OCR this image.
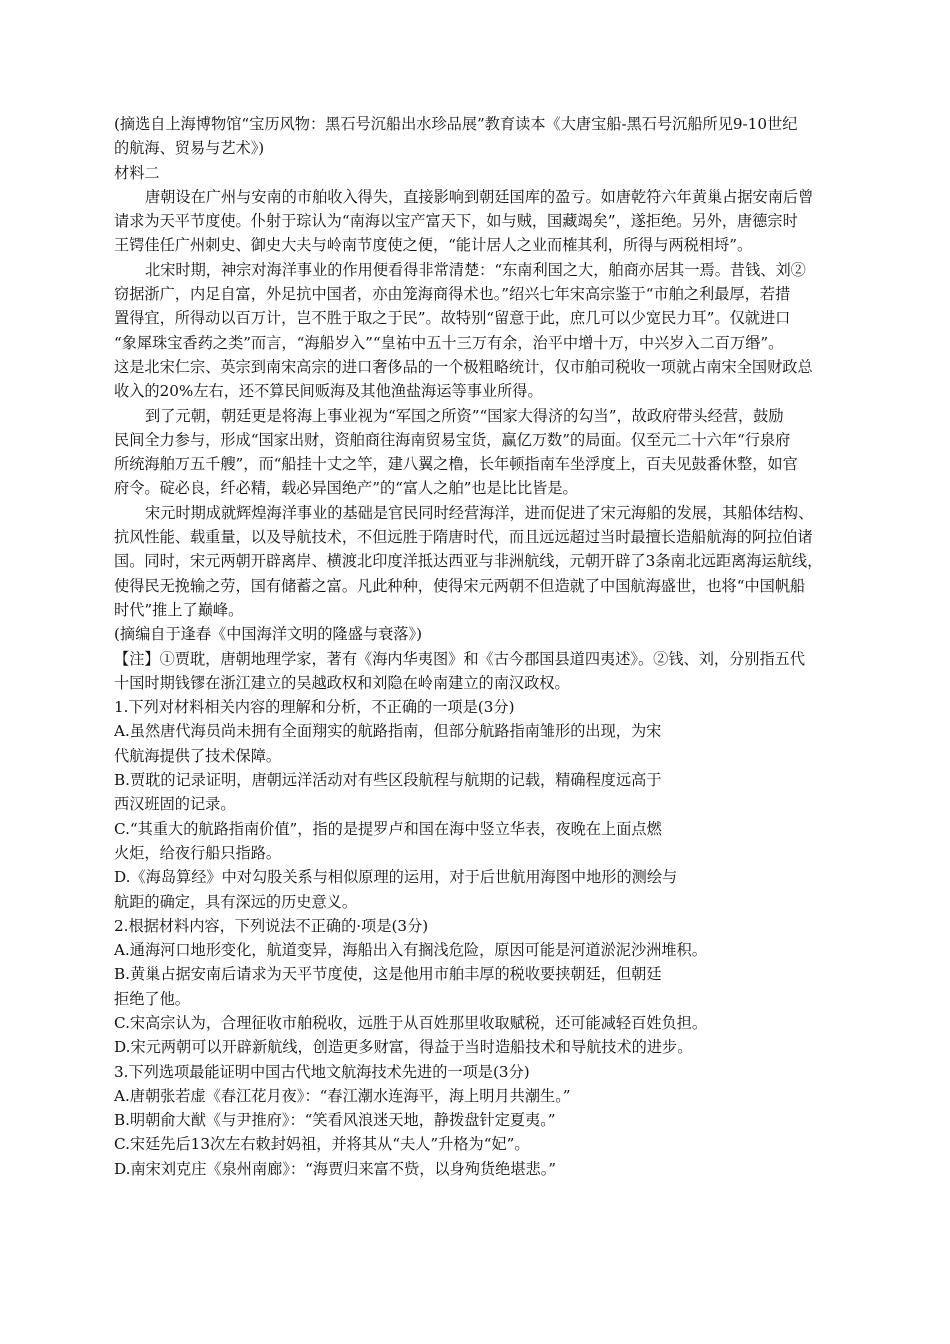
(摘选自上海博物馆“宝历风物：黑石号沉船出水珍品展”教育读本《大唐宝船-黑石号沉船所见9-10世纪
的航海、贸易与艺术》)
材料二
唐朝设在广州与安南的市舶收入得失，直接影响到朝廷国库的盈亏。如唐乾符六年黄巢占据安南后曾
请求为天平节度使。仆射于琮认为“南海以宝产富天下，如与贼，国藏竭矣”，遂拒绝。另外，唐德宗时
王锷佳任广州刺史、御史大夫与岭南节度使之便，“能计居人之业而榷其利，所得与两税相埒”。
北宋时期，神宗对海洋事业的作用便看得非常清楚：“东南利国之大，舶商亦居其一焉。昔钱、刘②
窃据浙广，内足自富，外足抗中国者，亦由笼海商得术也。”绍兴七年宋高宗鉴于“市舶之利最厚，若措
置得宜，所得动以百万计，岂不胜于取之于民”。故特别“留意于此，庶几可以少宽民力耳”。仅就进口
“象犀珠宝香药之类”而言，“海船岁入”“皇祐中五十三万有余，治平中增十万，中兴岁入二百万缗”。
这是北宋仁宗、英宗到南宋高宗的进口奢侈品的一个极粗略统计，仅市舶司税收一项就占南宋全国财政总
收入的20%左右，还不算民间贩海及其他渔盐海运等事业所得。
到了元朝，朝廷更是将海上事业视为“军国之所资”“国家大得济的勾当”，故政府带头经营，鼓励
民间全力参与，形成“国家出财，资舶商往海南贸易宝货，赢亿万数”的局面。仅至元二十六年“行泉府
所统海舶万五千艘”，而“船挂十丈之竿，建八翼之橹，长年顿指南车坐浮度上，百夫见鼓番休整，如官
府令。碇必良，纤必精，载必异国绝产”的“富人之舶”也是比比皆是。
宋元时期成就辉煌海洋事业的基础是官民同时经营海洋，进而促进了宋元海船的发展，其船体结构、
抗风性能、载重量，以及导航技术，不但远胜于隋唐时代，而且远远超过当时最擅长造船航海的阿拉伯诸
国。同时，宋元两朝开辟离岸、横渡北印度洋抵达西亚与非洲航线，元朝开辟了3条南北远距离海运航线，
使得民无挽输之劳，国有储蓄之富。凡此种种，使得宋元两朝不但造就了中国航海盛世，也将“中国帆船
时代”推上了巅峰。
(摘编自于逢春《中国海洋文明的隆盛与衰落》)
【注】①贾耽，唐朝地理学家，著有《海内华夷图》和《古今郡国县道四夷述》。②钱、刘，分别指五代
十国时期钱镠在浙江建立的吴越政权和刘隐在岭南建立的南汉政权。
1.下列对材料相关内容的理解和分析，不正确的一项是(3分)
A.虽然唐代海员尚未拥有全面翔实的航路指南，但部分航路指南雏形的出现，为宋
代航海提供了技术保障。
B.贾耽的记录证明，唐朝远洋活动对有些区段航程与航期的记载，精确程度远高于
西汉班固的记录。
C.“其重大的航路指南价值”，指的是提罗卢和国在海中竖立华表，夜晚在上面点燃
火炬，给夜行船只指路。
D.《海岛算经》中对勾股关系与相似原理的运用，对于后世航用海图中地形的测绘与
航距的确定，具有深远的历史意义。
2.根据材料内容，下列说法不正确的·项是(3分)
A.通海河口地形变化，航道变异，海船出入有搁浅危险，原因可能是河道淤泥沙洲堆积。
B.黄巢占据安南后请求为天平节度使，这是他用市舶丰厚的税收要挟朝廷，但朝廷
拒绝了他。
C.宋高宗认为，合理征收市舶税收，远胜于从百姓那里收取赋税，还可能减轻百姓负担。
D.宋元两朝可以开辟新航线，创造更多财富，得益于当时造船技术和导航技术的进步。
3.下列选项最能证明中国古代地文航海技术先进的一项是(3分)
A.唐朝张若虚《春江花月夜》：“春江潮水连海平，海上明月共潮生。”
B.明朝俞大猷《与尹推府》：“笑看风浪迷天地，静拨盘针定夏夷。”
C.宋廷先后13次左右敕封妈祖，并将其从“夫人”升格为“妃”。
D.南宋刘克庄《泉州南廊》：“海贾归来富不赀，以身殉货绝堪悲。”
